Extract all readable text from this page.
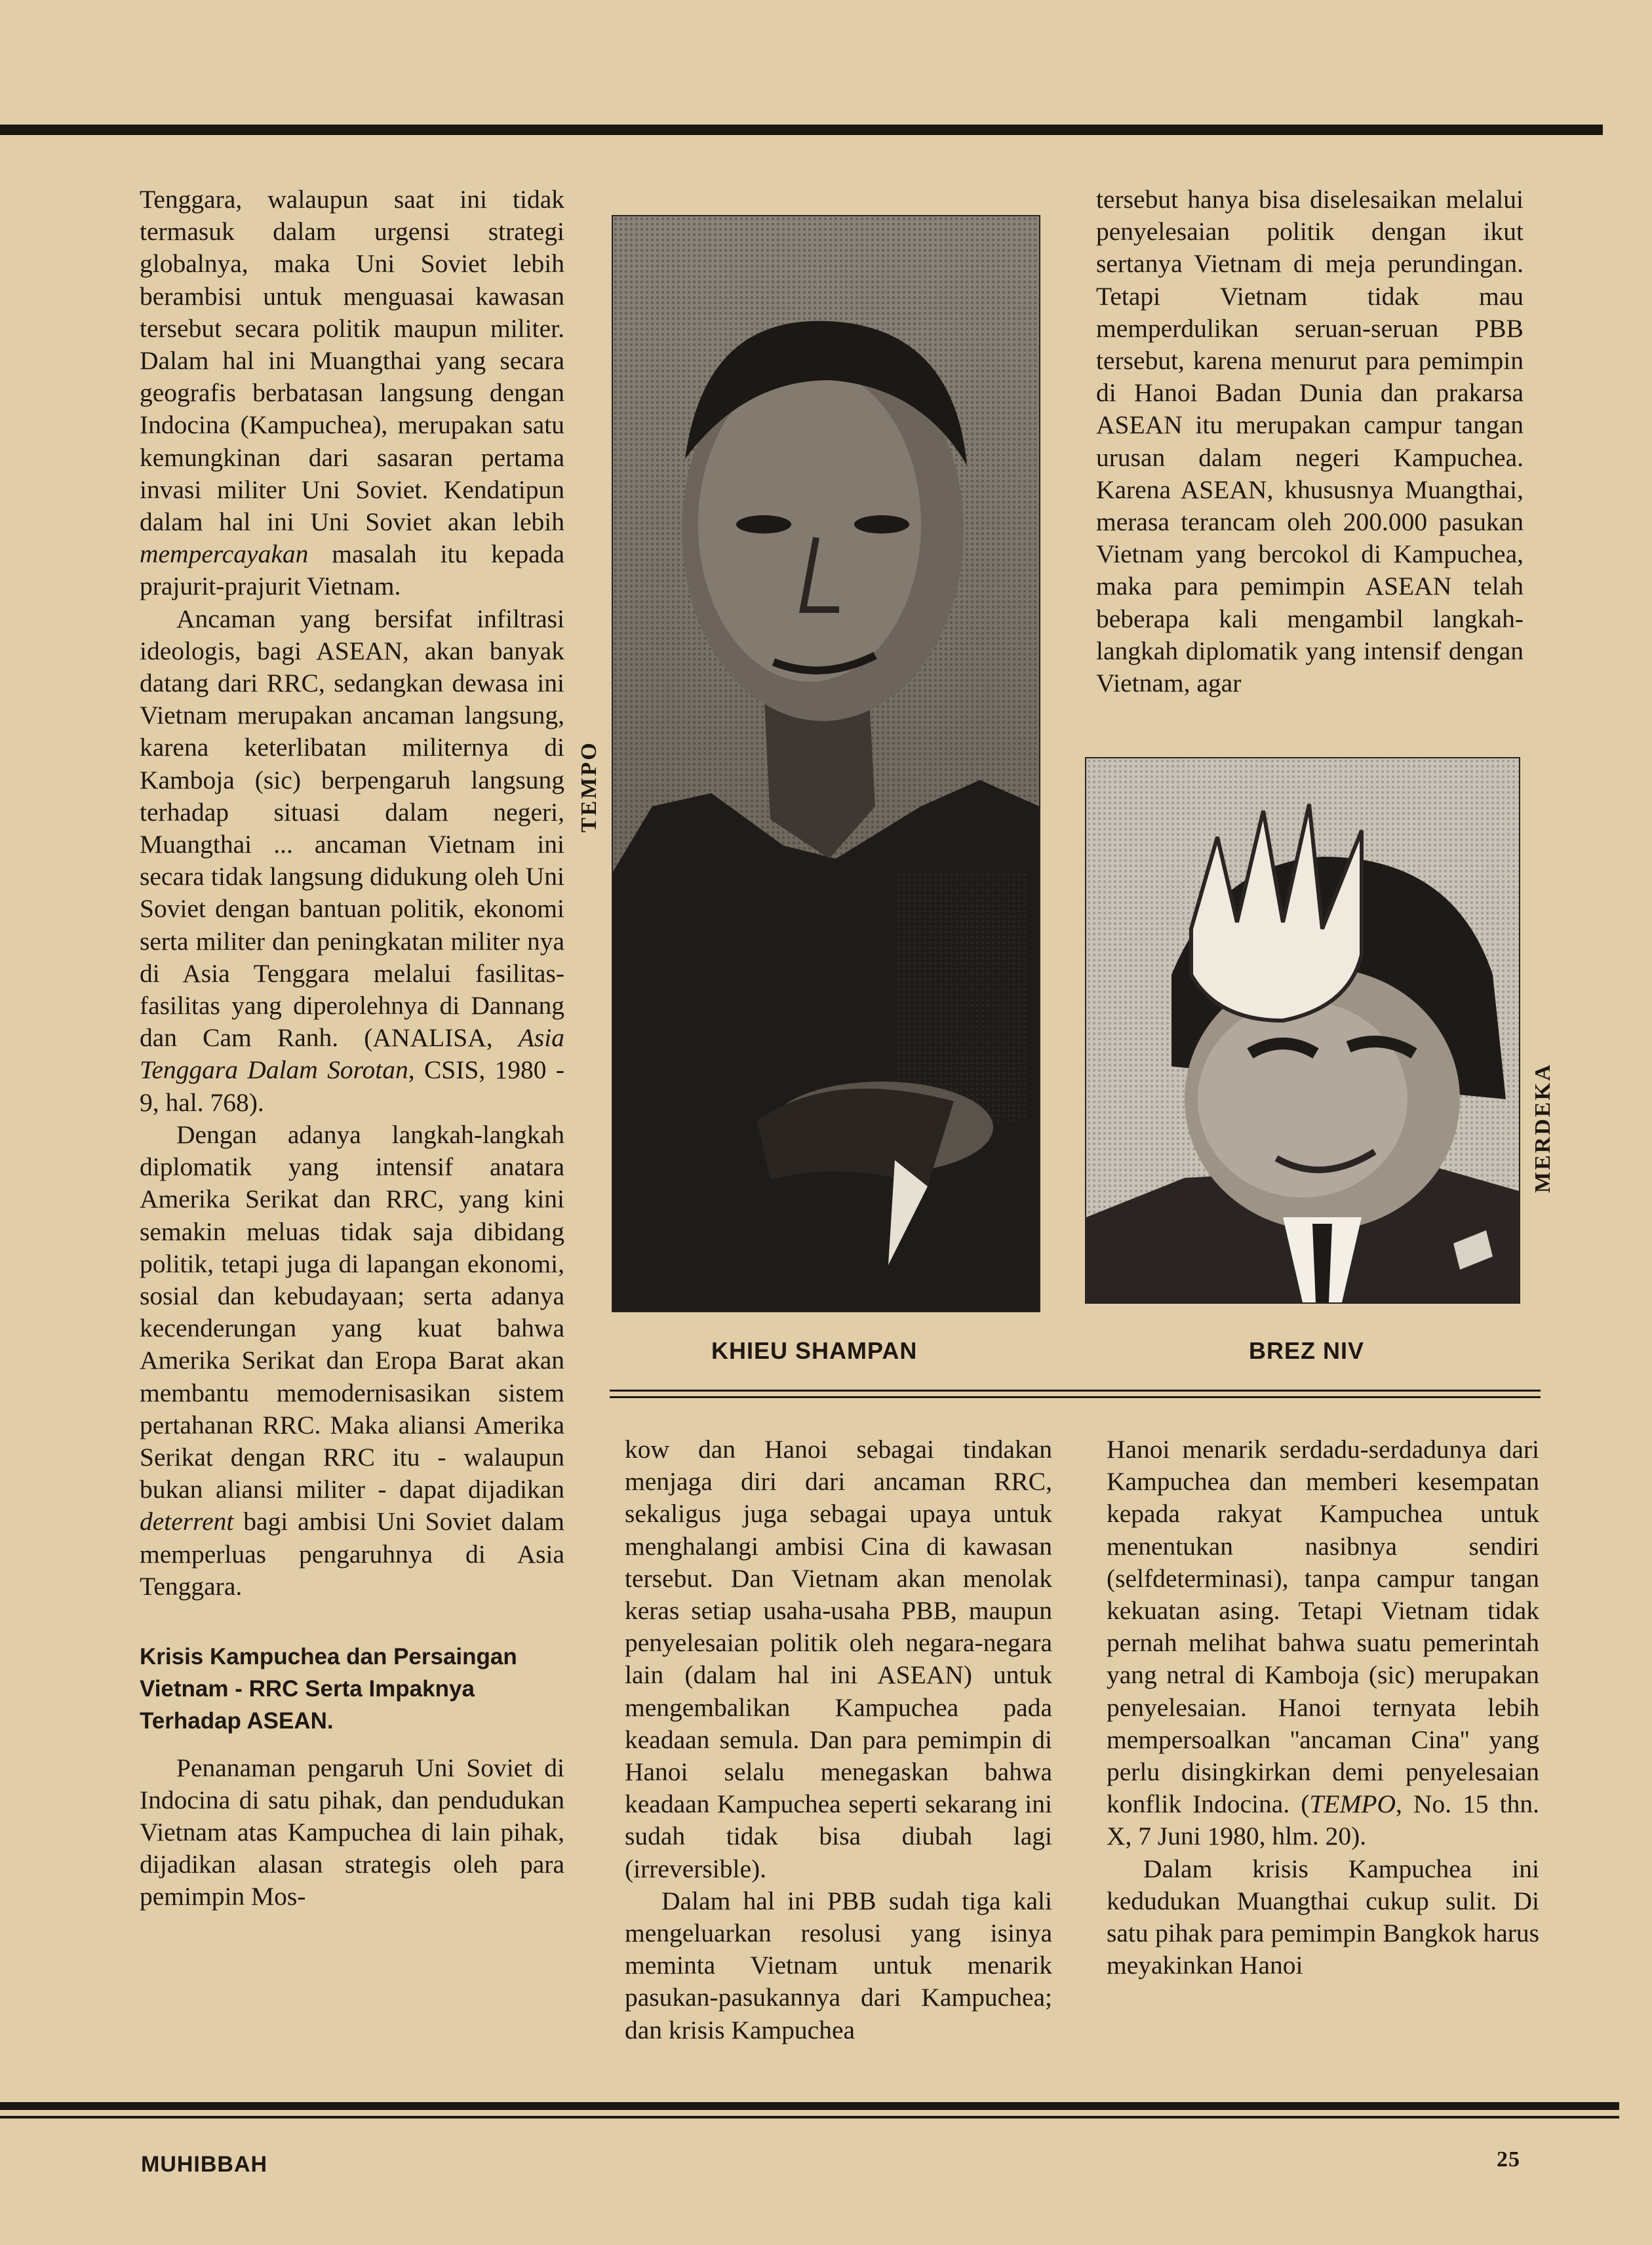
Tenggara, walaupun saat ini tidak termasuk dalam urgensi strategi globalnya, maka Uni Soviet lebih berambisi untuk menguasai kawasan tersebut secara politik maupun militer. Dalam hal ini Muangthai yang secara geografis berbatasan langsung dengan Indocina (Kampuchea), merupakan satu kemungkinan dari sasaran pertama invasi militer Uni Soviet. Kendatipun dalam hal ini Uni Soviet akan lebih mempercayakan masalah itu kepada prajurit-prajurit Vietnam.

Ancaman yang bersifat infiltrasi ideologis, bagi ASEAN, akan banyak datang dari RRC, sedangkan dewasa ini Vietnam merupakan ancaman langsung, karena keterlibatan militernya di Kamboja (sic) berpengaruh langsung terhadap situasi dalam negeri, Muangthai ... ancaman Vietnam ini secara tidak langsung didukung oleh Uni Soviet dengan bantuan politik, ekonomi serta militer dan peningkatan militer nya di Asia Tenggara melalui fasilitas-fasilitas yang diperolehnya di Dannang dan Cam Ranh. (ANALISA, Asia Tenggara Dalam Sorotan, CSIS, 1980 - 9, hal. 768).

Dengan adanya langkah-langkah diplomatik yang intensif anatara Amerika Serikat dan RRC, yang kini semakin meluas tidak saja dibidang politik, tetapi juga di lapangan ekonomi, sosial dan kebudayaan; serta adanya kecenderungan yang kuat bahwa Amerika Serikat dan Eropa Barat akan membantu memodernisasikan sistem pertahanan RRC. Maka aliansi Amerika Serikat dengan RRC itu - walaupun bukan aliansi militer - dapat dijadikan deterrent bagi ambisi Uni Soviet dalam memperluas pengaruhnya di Asia Tenggara.

Krisis Kampuchea dan Persaingan Vietnam - RRC Serta Impaknya Terhadap ASEAN.

Penanaman pengaruh Uni Soviet di Indocina di satu pihak, dan pendudukan Vietnam atas Kampuchea di lain pihak, dijadikan alasan strategis oleh para pemimpin Mos-

TEMPO
KHIEU SHAMPAN

tersebut hanya bisa diselesaikan melalui penyelesaian politik dengan ikut sertanya Vietnam di meja perundingan. Tetapi Vietnam tidak mau memperdulikan seruan-seruan PBB tersebut, karena menurut para pemimpin di Hanoi Badan Dunia dan prakarsa ASEAN itu merupakan campur tangan urusan dalam negeri Kampuchea. Karena ASEAN, khususnya Muangthai, merasa terancam oleh 200.000 pasukan Vietnam yang bercokol di Kampuchea, maka para pemimpin ASEAN telah beberapa kali mengambil langkah-langkah diplomatik yang intensif dengan Vietnam, agar

MERDEKA
BREZ NIV

kow dan Hanoi sebagai tindakan menjaga diri dari ancaman RRC, sekaligus juga sebagai upaya untuk menghalangi ambisi Cina di kawasan tersebut. Dan Vietnam akan menolak keras setiap usaha-usaha PBB, maupun penyelesaian politik oleh negara-negara lain (dalam hal ini ASEAN) untuk mengembalikan Kampuchea pada keadaan semula. Dan para pemimpin di Hanoi selalu menegaskan bahwa keadaan Kampuchea seperti sekarang ini sudah tidak bisa diubah lagi (irreversible).

Dalam hal ini PBB sudah tiga kali mengeluarkan resolusi yang isinya meminta Vietnam untuk menarik pasukan-pasukannya dari Kampuchea; dan krisis Kampuchea

Hanoi menarik serdadu-serdadunya dari Kampuchea dan memberi kesempatan kepada rakyat Kampuchea untuk menentukan nasibnya sendiri (selfdeterminasi), tanpa campur tangan kekuatan asing. Tetapi Vietnam tidak pernah melihat bahwa suatu pemerintah yang netral di Kamboja (sic) merupakan penyelesaian. Hanoi ternyata lebih mempersoalkan ''ancaman Cina'' yang perlu disingkirkan demi penyelesaian konflik Indocina. (TEMPO, No. 15 thn. X, 7 Juni 1980, hlm. 20).

Dalam krisis Kampuchea ini kedudukan Muangthai cukup sulit. Di satu pihak para pemimpin Bangkok harus meyakinkan Hanoi

MUHIBBAH	25
